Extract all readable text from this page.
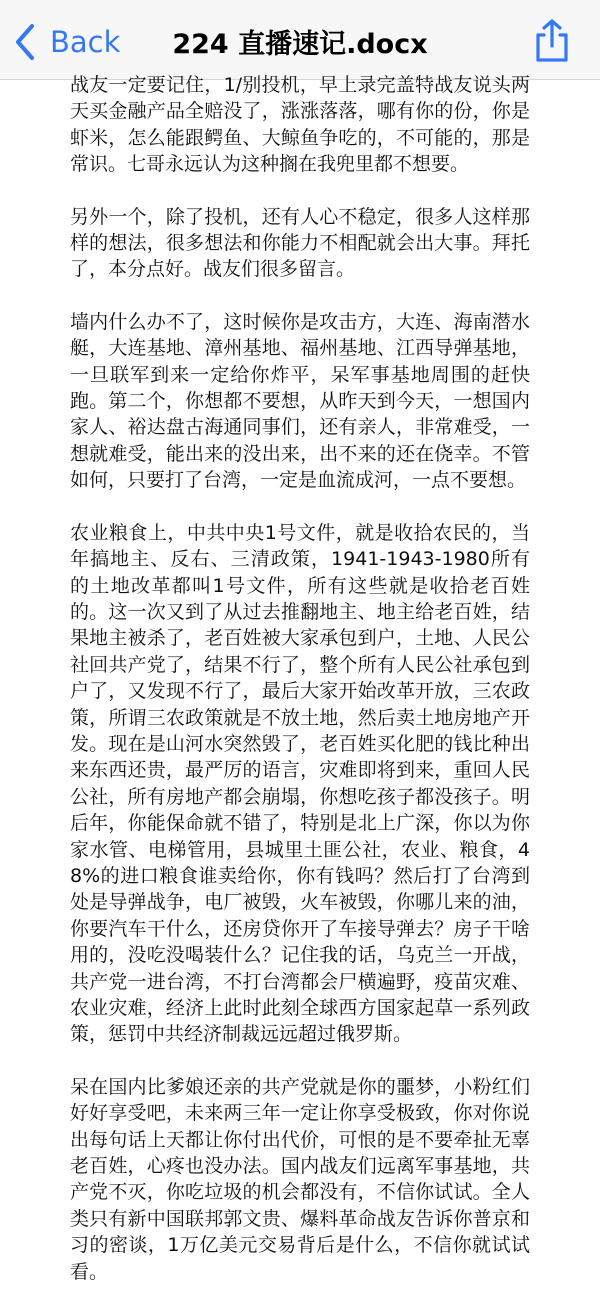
Back	224 直播速记.docx

战友一定要记住，1/别投机，早上录完盖特战友说头两天买金融产品全赔没了，涨涨落落，哪有你的份，你是虾米，怎么能跟鳄鱼、大鲸鱼争吃的，不可能的，那是常识。七哥永远认为这种搁在我兜里都不想要。

另外一个，除了投机，还有人心不稳定，很多人这样那样的想法，很多想法和你能力不相配就会出大事。拜托了，本分点好。战友们很多留言。

墙内什么办不了，这时候你是攻击方，大连、海南潜水艇，大连基地、漳州基地、福州基地、江西导弹基地，一旦联军到来一定给你炸平，呆军事基地周围的赶快跑。第二个，你想都不要想，从昨天到今天，一想国内家人、裕达盘古海通同事们，还有亲人，非常难受，一想就难受，能出来的没出来，出不来的还在侥幸。不管如何，只要打了台湾，一定是血流成河，一点不要想。

农业粮食上，中共中央1号文件，就是收拾农民的，当年搞地主、反右、三清政策，1941-1943-1980所有的土地改革都叫1号文件，所有这些就是收拾老百姓的。这一次又到了从过去推翻地主、地主给老百姓，结果地主被杀了，老百姓被大家承包到户，土地、人民公社回共产党了，结果不行了，整个所有人民公社承包到户了，又发现不行了，最后大家开始改革开放，三农政策，所谓三农政策就是不放土地，然后卖土地房地产开发。现在是山河水突然毁了，老百姓买化肥的钱比种出来东西还贵，最严厉的语言，灾难即将到来，重回人民公社，所有房地产都会崩塌，你想吃孩子都没孩子。明后年，你能保命就不错了，特别是北上广深，你以为你家水管、电梯管用，县城里土匪公社，农业、粮食，48%的进口粮食谁卖给你，你有钱吗？然后打了台湾到处是导弹战争，电厂被毁，火车被毁，你哪儿来的油，你要汽车干什么，还房贷你开了车接导弹去？房子干啥用的，没吃没喝装什么？记住我的话，乌克兰一开战，共产党一进台湾，不打台湾都会尸横遍野，疫苗灾难、农业灾难，经济上此时此刻全球西方国家起草一系列政策，惩罚中共经济制裁远远超过俄罗斯。

呆在国内比爹娘还亲的共产党就是你的噩梦，小粉红们好好享受吧，未来两三年一定让你享受极致，你对你说出每句话上天都让你付出代价，可恨的是不要牵扯无辜老百姓，心疼也没办法。国内战友们远离军事基地，共产党不灭，你吃垃圾的机会都没有，不信你试试。全人类只有新中国联邦郭文贵、爆料革命战友告诉你普京和习的密谈，1万亿美元交易背后是什么，不信你就试试看。
